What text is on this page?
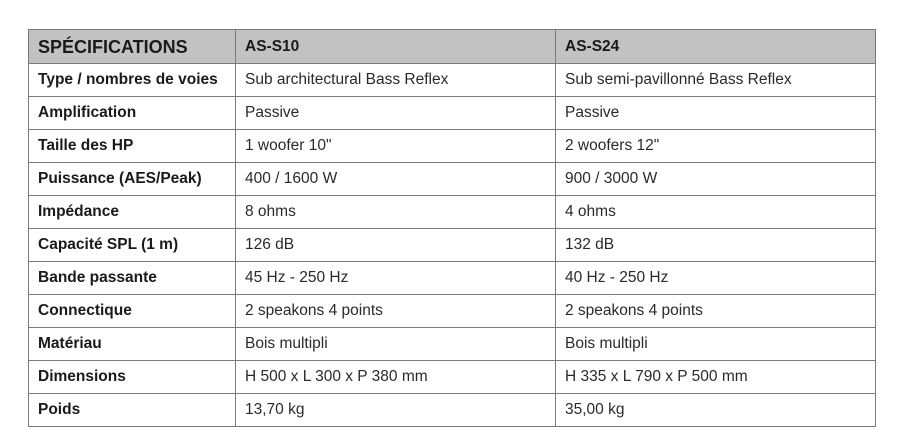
SPÉCIFICATIONS	AS-S10	AS-S24
Type / nombres de voies	Sub architectural Bass Reflex	Sub semi-pavillonné Bass Reflex
Amplification	Passive	Passive
Taille des HP	1 woofer 10"	2 woofers 12"
Puissance (AES/Peak)	400 / 1600 W	900 / 3000 W
Impédance	8 ohms	4 ohms
Capacité SPL (1 m)	126 dB	132 dB
Bande passante	45 Hz - 250 Hz	40 Hz - 250 Hz
Connectique	2 speakons 4 points	2 speakons 4 points
Matériau	Bois multipli	Bois multipli
Dimensions	H 500 x L 300 x P 380 mm	H 335 x L 790 x P 500 mm
Poids	13,70 kg	35,00 kg
